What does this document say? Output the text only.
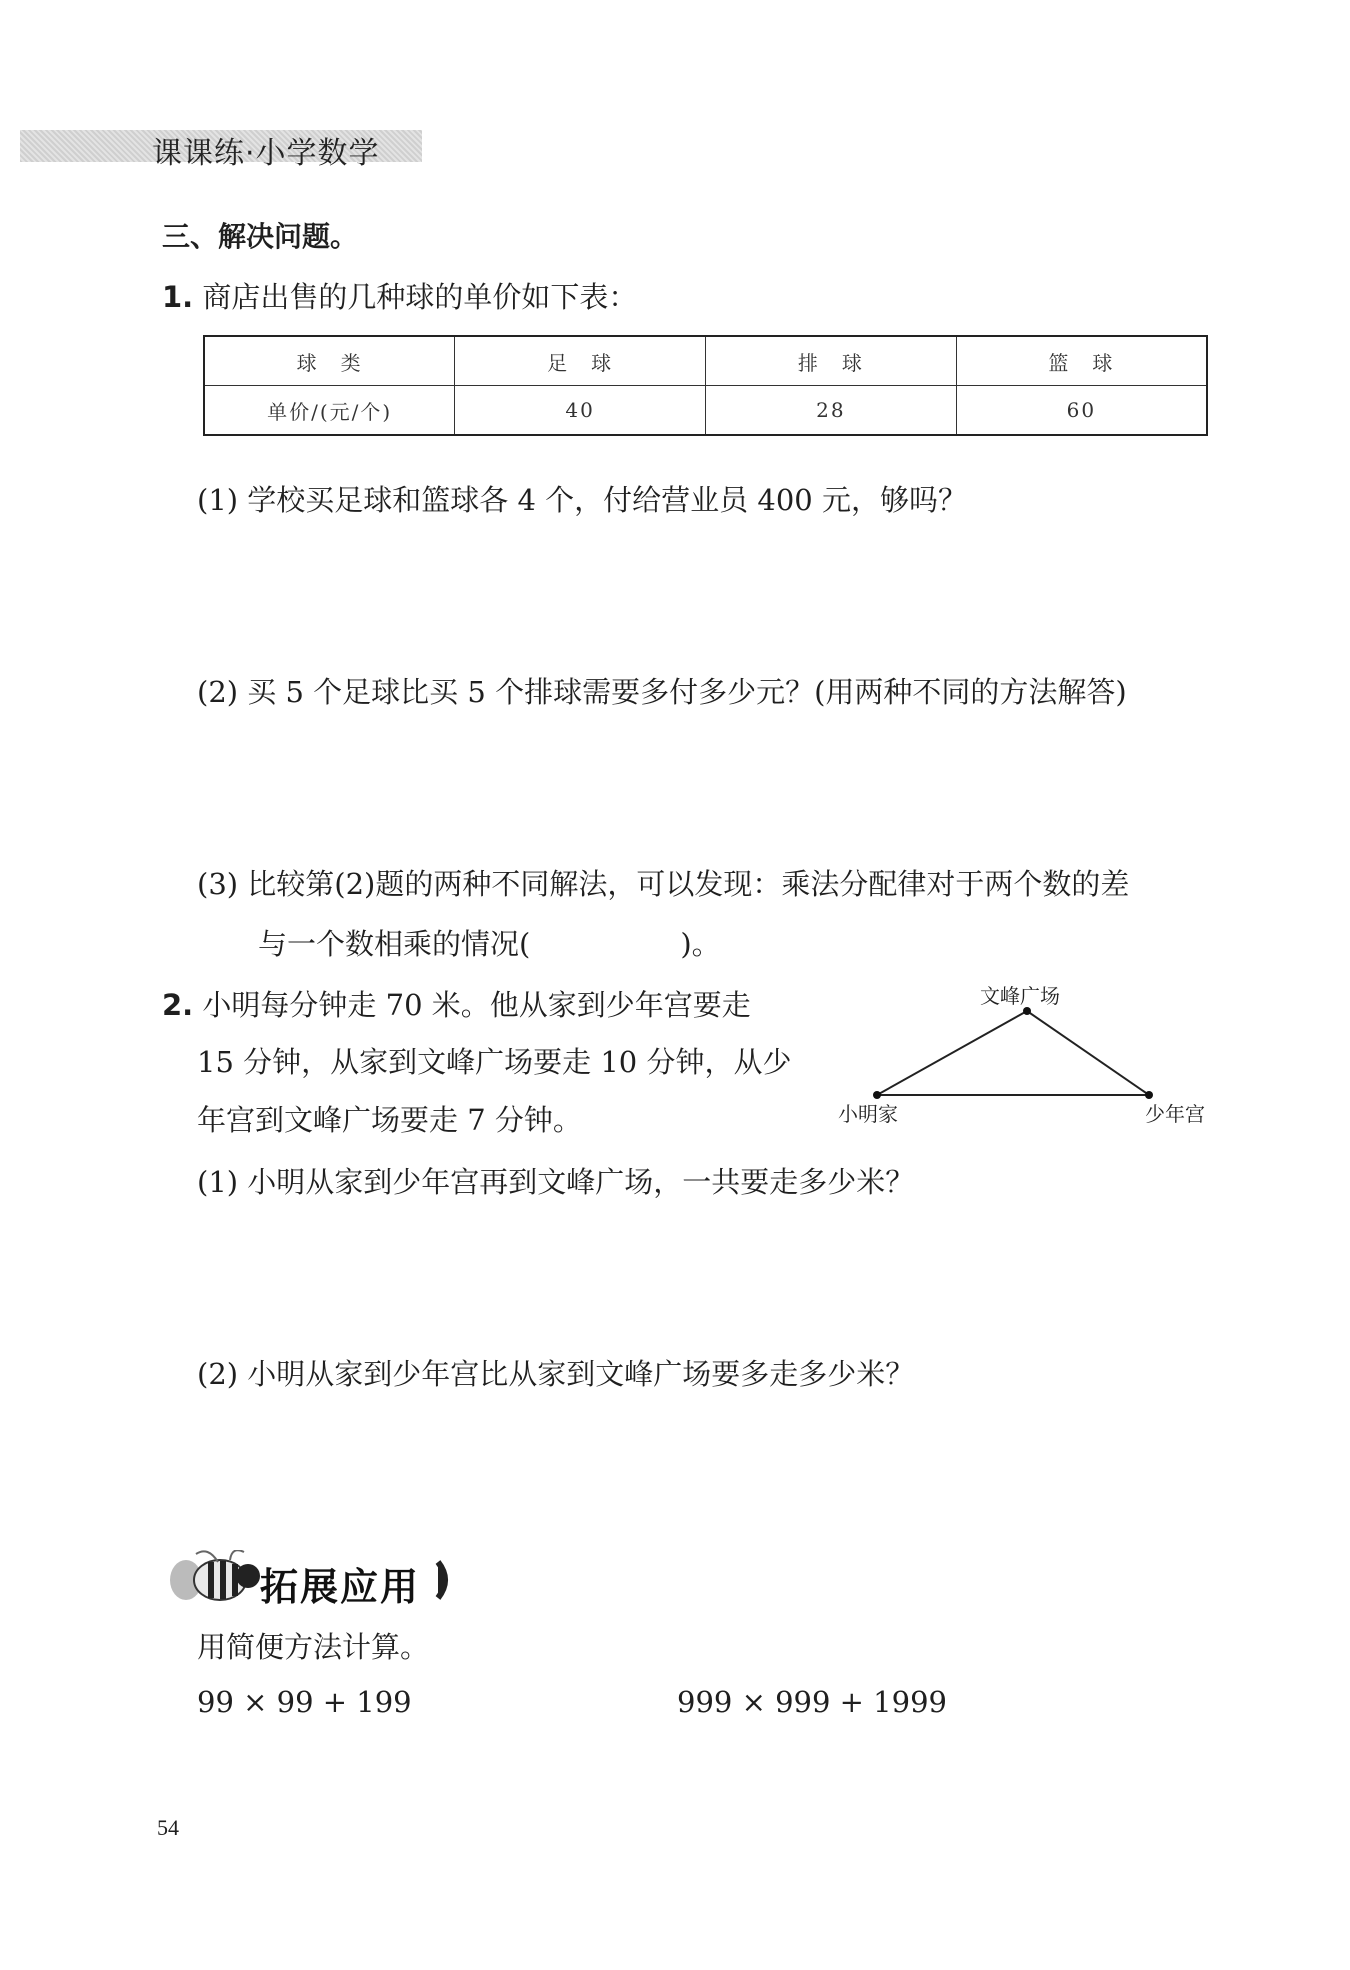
课课练·小学数学
三、解决问题。
1. 商店出售的几种球的单价如下表：
球　类	足　球	排　球	篮　球
单价/(元/个)	40	28	60
(1) 学校买足球和篮球各 4 个，付给营业员 400 元，够吗？
(2) 买 5 个足球比买 5 个排球需要多付多少元？(用两种不同的方法解答)
(3) 比较第(2)题的两种不同解法，可以发现：乘法分配律对于两个数的差
与一个数相乘的情况(	)。
2. 小明每分钟走 70 米。他从家到少年宫要走
15 分钟，从家到文峰广场要走 10 分钟，从少
年宫到文峰广场要走 7 分钟。
文峰广场
小明家	少年宫
(1) 小明从家到少年宫再到文峰广场，一共要走多少米？
(2) 小明从家到少年宫比从家到文峰广场要多走多少米？
拓展应用
用简便方法计算。
99 × 99 + 199	999 × 999 + 1999
54
